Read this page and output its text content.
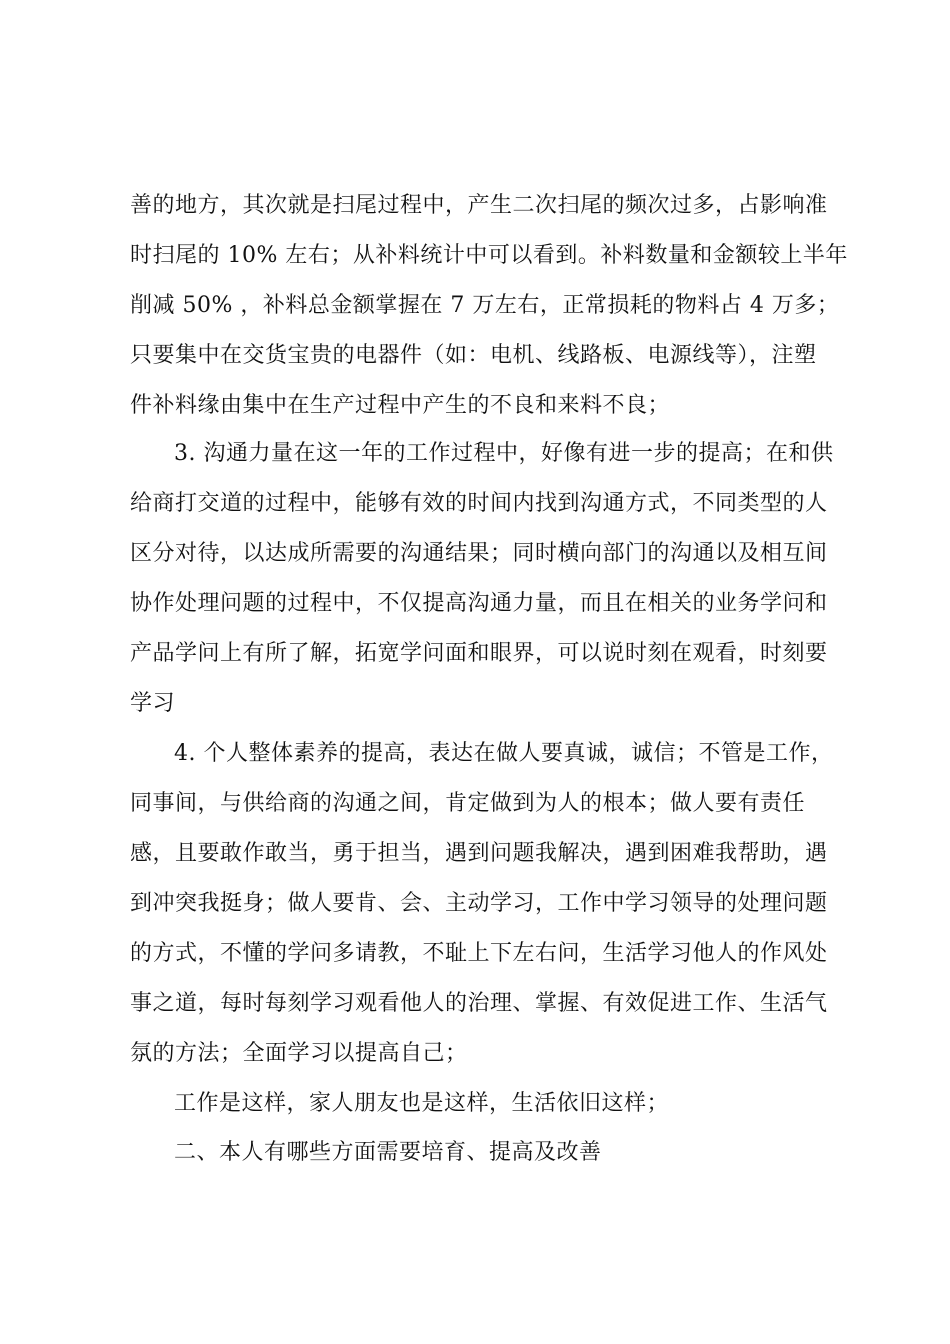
善的地方，其次就是扫尾过程中，产生二次扫尾的频次过多，占影响准
时扫尾的 10% 左右；从补料统计中可以看到。补料数量和金额较上半年
削减 50% ，补料总金额掌握在 7 万左右，正常损耗的物料占 4 万多；
只要集中在交货宝贵的电器件（如：电机、线路板、电源线等），注塑
件补料缘由集中在生产过程中产生的不良和来料不良；
3. 沟通力量在这一年的工作过程中，好像有进一步的提高；在和供
给商打交道的过程中，能够有效的时间内找到沟通方式，不同类型的人
区分对待，以达成所需要的沟通结果；同时横向部门的沟通以及相互间
协作处理问题的过程中，不仅提高沟通力量，而且在相关的业务学问和
产品学问上有所了解，拓宽学问面和眼界，可以说时刻在观看，时刻要
学习
4. 个人整体素养的提高，表达在做人要真诚，诚信；不管是工作，
同事间，与供给商的沟通之间，肯定做到为人的根本；做人要有责任
感，且要敢作敢当，勇于担当，遇到问题我解决，遇到困难我帮助，遇
到冲突我挺身；做人要肯、会、主动学习，工作中学习领导的处理问题
的方式，不懂的学问多请教，不耻上下左右问，生活学习他人的作风处
事之道，每时每刻学习观看他人的治理、掌握、有效促进工作、生活气
氛的方法；全面学习以提高自己；
工作是这样，家人朋友也是这样，生活依旧这样；
二、本人有哪些方面需要培育、提高及改善
